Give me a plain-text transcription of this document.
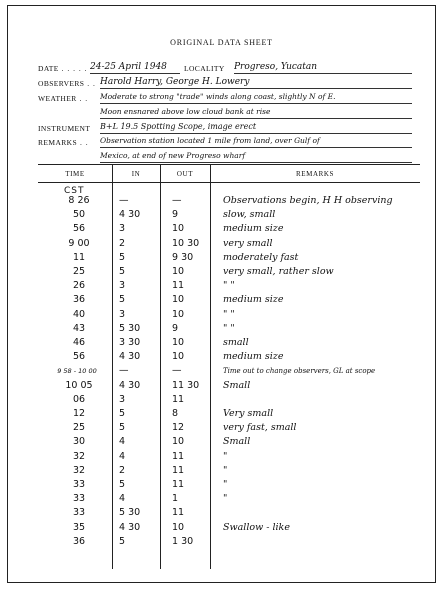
ORIGINAL DATA SHEET
DATE . . . . . 24-25 April 1948	LOCALITY Progreso, Yucatan
OBSERVERS . . Harold Harry, George H. Lowery
WEATHER . . Moderate to strong "trade" winds along coast, slightly N of E.
Moon ensnared above low cloud bank at rise
INSTRUMENT B+L 19.5 Spotting Scope, image erect
REMARKS . . Observation station located 1 mile from land, over Gulf of
Mexico, at end of new Progreso wharf
TIME	IN	OUT	REMARKS
CST
8 26	—	—	Observations begin, H H observing
50	4 30	9	slow, small
56	3	10	medium size
9 00	2	10 30	very small
11	5	9 30	moderately fast
25	5	10	very small, rather slow
26	3	11	" "
36	5	10	medium size
40	3	10	" "
43	5 30	9	" "
46	3 30	10	small
56	4 30	10	medium size
9 58 - 10 00	—	—	Time out to change observers, GL at scope
10 05	4 30	11 30	Small
06	3	11
12	5	8	Very small
25	5	12	very fast, small
30	4	10	Small
32	4	11	"
32	2	11	"
33	5	11	"
33	4	1	"
33	5 30	11
35	4 30	10	Swallow - like
36	5	1 30
